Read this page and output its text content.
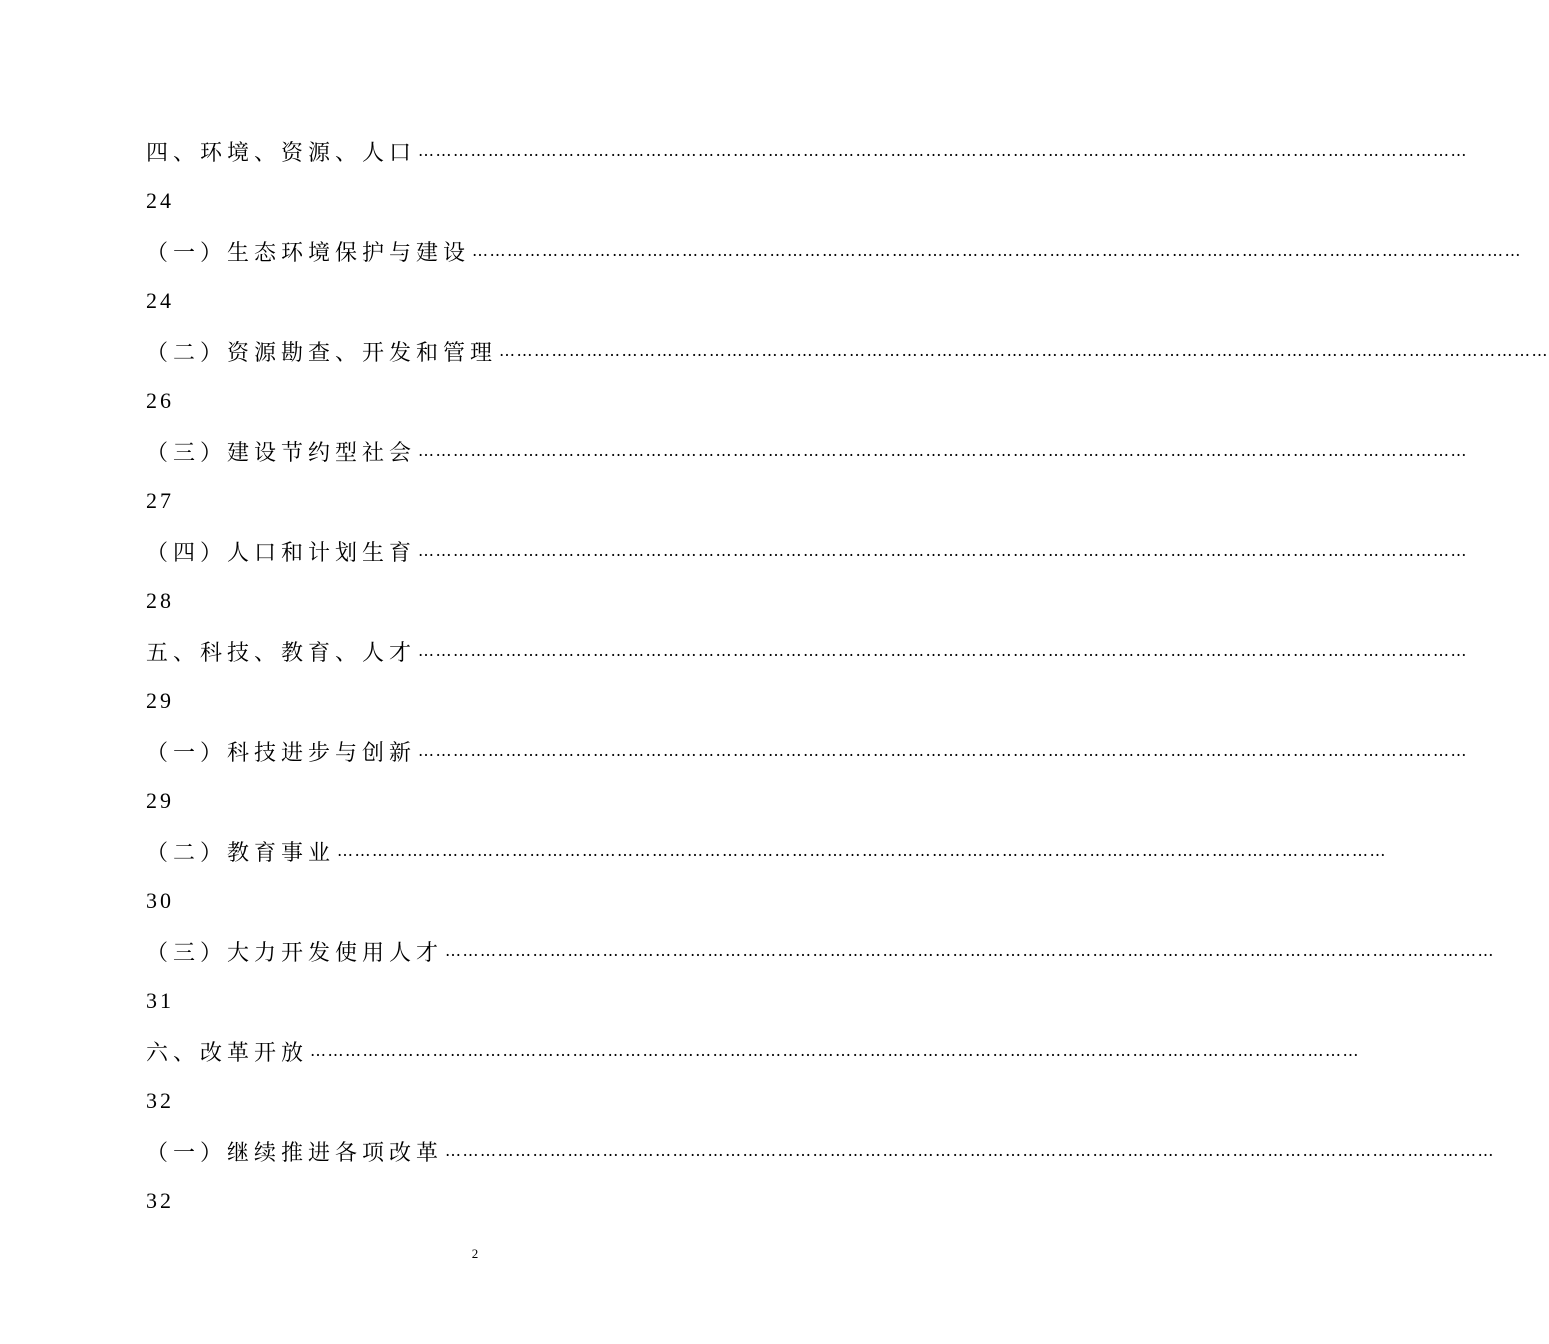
四、环境、资源、人口 ………………………………………………………………………………………………………………………………………………………………
24
（一）生态环境保护与建设 ………………………………………………………………………………………………………………………………………………………………
24
（二）资源勘查、开发和管理 ………………………………………………………………………………………………………………………………………………………………
26
（三）建设节约型社会 ………………………………………………………………………………………………………………………………………………………………
27
（四）人口和计划生育 ………………………………………………………………………………………………………………………………………………………………
28
五、科技、教育、人才 ………………………………………………………………………………………………………………………………………………………………
29
（一）科技进步与创新 ………………………………………………………………………………………………………………………………………………………………
29
（二）教育事业 ………………………………………………………………………………………………………………………………………………………………
30
（三）大力开发使用人才 ………………………………………………………………………………………………………………………………………………………………
31
六、改革开放 ………………………………………………………………………………………………………………………………………………………………
32
（一）继续推进各项改革 ………………………………………………………………………………………………………………………………………………………………
32
2
